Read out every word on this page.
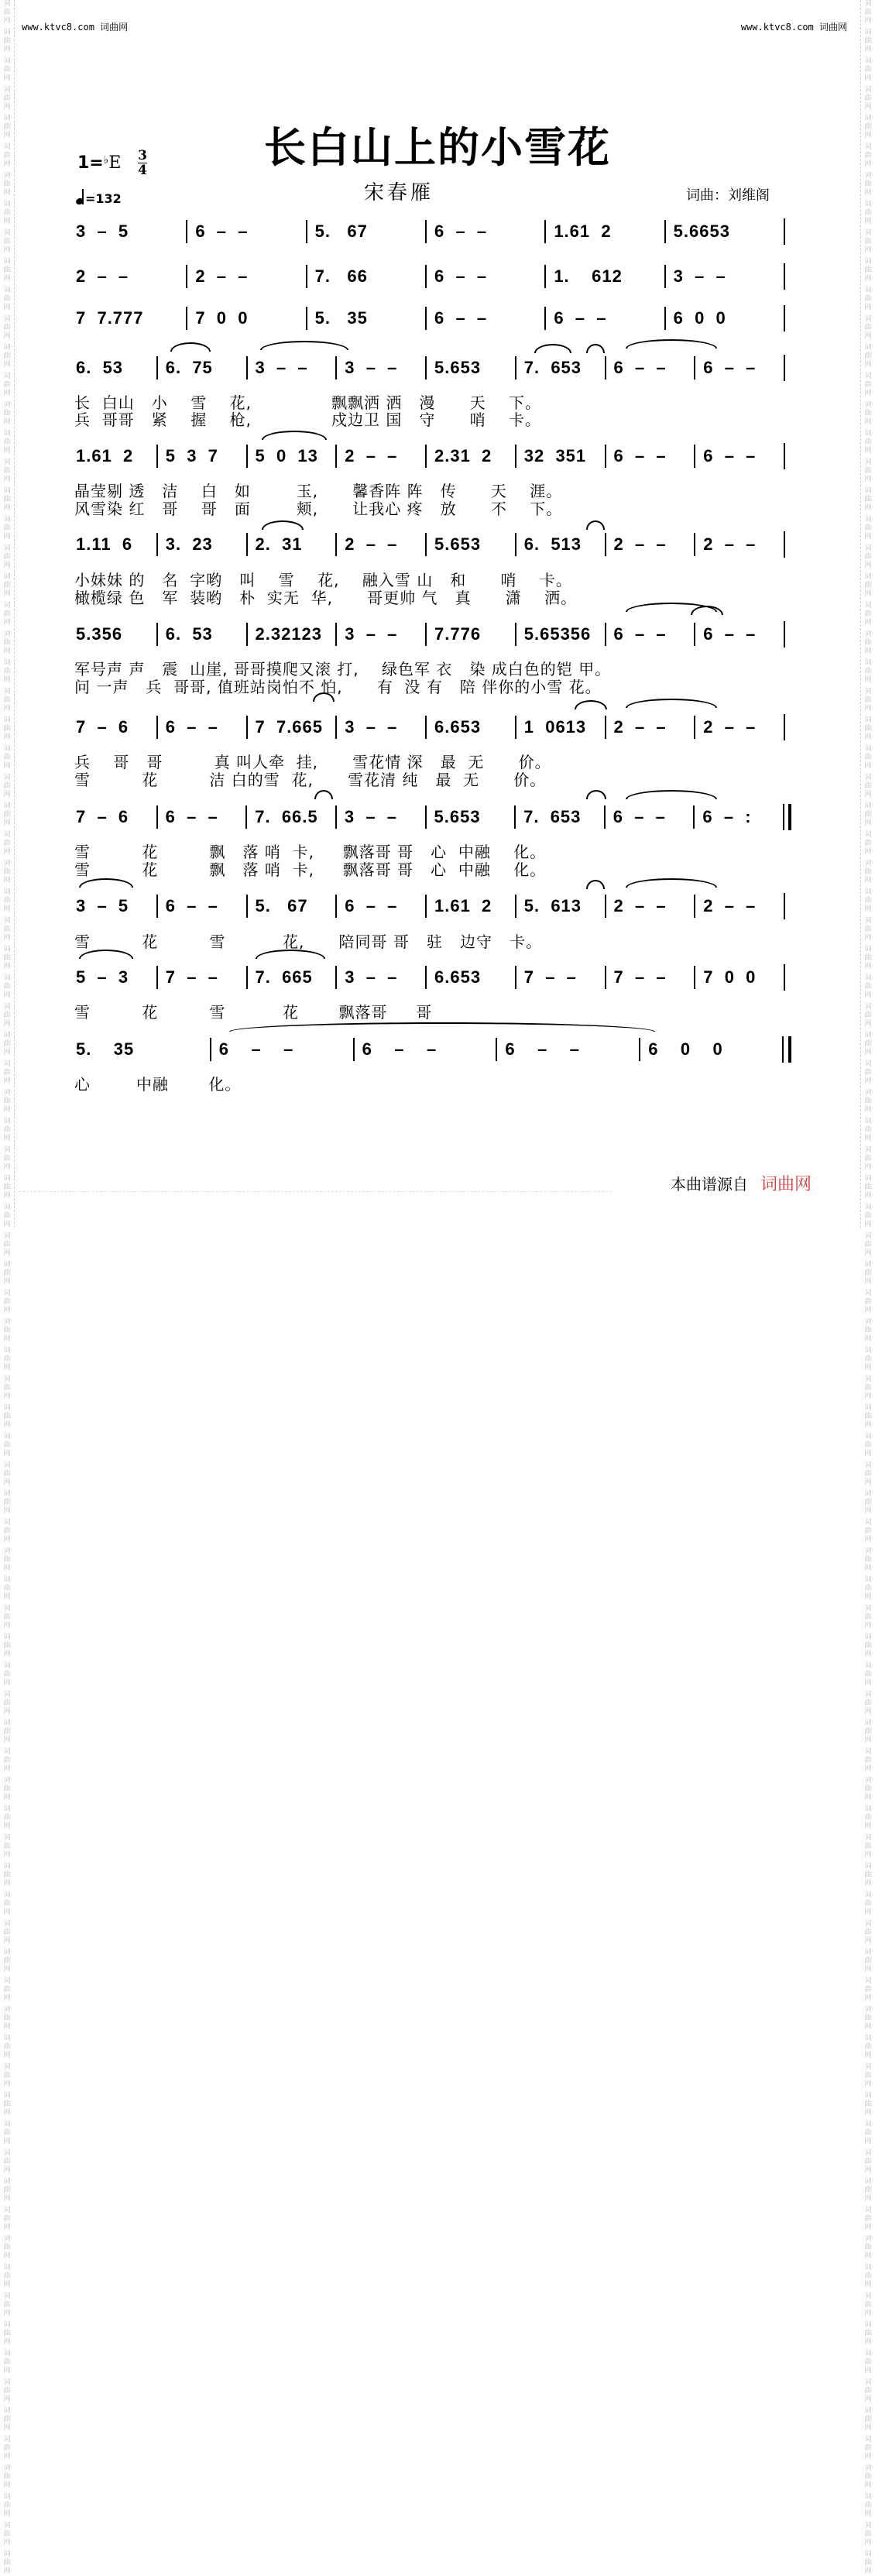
词
曲
网
词
曲
网
词
曲
网
词
曲
网
词
曲
网
词
曲
网
词
曲
网
词
曲
网
词
曲
网
词
曲
网
词
曲
网
词
曲
网
词
曲
网
词
曲
网
词
曲
网
词
曲
网
词
曲
网
词
曲
网
词
曲
网
词
曲
网
词
曲
网
词
曲
网
词
曲
网
词
曲
网
词
曲
网
词
曲
网
词
曲
网
词
曲
网
词
曲
网
词
曲
网
词
曲
网
词
曲
网
词
曲
网
词
曲
网
词
曲
网
词
曲
网
词
曲
网
词
曲
网
词
曲
网
词
曲
网
词
曲
网
词
曲
网
词
曲
网
词
曲
网
词
曲
网
词
曲
网
词
曲
网
词
曲
网
词
曲
网
词
曲
网
词
曲
网
词
曲
网
词
曲
网
词
曲
网
词
曲
网
词
曲
网
词
曲
网
词
曲
网
词
曲
网
词
曲
网
词
曲
网
词
曲
网
词
曲
网
词
曲
网
词
曲
网
词
曲
网
词
曲
网
词
曲
网
词
曲
网
词
曲
网
词
曲
网
词
曲
网
词
曲
网
词
曲
网
词
曲
网
词
曲
网
词
曲
网
词
曲
网
词
曲
网
词
曲
网
词
曲
网
词
曲
网
词
曲
网
词
曲
网
词
曲
网
词
曲
网
词
曲
网
词
曲
网
词
曲
网
词
曲
网
词
曲
网
词
曲
网
词
曲
网
词
曲
网
词
曲
网
词
曲
网
词
曲
网
词
曲
网
词
曲
网
词
曲
网
词
曲
网
词
曲
网
词
曲
网
词
曲
网
词
曲
网
词
曲
网
词
曲
网
词
曲
网
词
曲
网
词
曲
网
词
曲
网
词
曲
网
词
曲
网
词
曲
网
词
曲
网
词
曲
网
词
曲
网
词
曲
网
词
曲
网
词
曲
网
词
曲
网
词
曲
网
词
曲
网
词
曲
网
词
曲
网
词
曲
网
词
曲
网
词
曲
网
词
曲
网
词
曲
网
词
曲
网
词
曲
网
词
曲
网
词
曲
网
词
曲
网
词
曲
网
词
曲
网
词
曲
网
词
曲
网
词
曲
网
词
曲
网
词
曲
网
词
曲
网
词
曲
网
词
曲
网
词
曲
网
词
曲
网
词
曲
网
词
曲
网
词
曲
网
词
曲
网
词
曲
网
词
曲
网
词
曲
网
词
曲
网
词
曲
网
词
曲
网
词
曲
网
词
曲
网
词
曲
网
词
曲
网
词
曲
网
词
曲
网
词
曲
网
词
曲
网
词
曲
网
词
曲
网
词
曲
网
词
曲
网
词
曲
网
词
曲
网
词
曲
网
词
曲
网
词
曲
网
词
曲
网
词
曲
网
词
曲
网
词
曲
网
词
曲
网
词
曲
网
www.ktvc8.com 词曲网	www.ktvc8.com 词曲网
长白山上的小雪花
宋春雁	词曲：刘维阁
1=♭E 3
4
=132
3  –  5	6  –  –	5.   67	6  –  –	1.61  2	5.6653
2  –  –	2  –  –	7.   66	6  –  –	1.    612	3  –  –
7  7.777	7  0  0	5.   35	6  –  –	6  –  –	6  0  0
6.  53	6.  75	3  –  –	3  –  –	5.653	7.  653	6  –  –	6  –  –
1.61  2	5  3  7	5  0  13	2  –  –	2.31  2	32  351	6  –  –	6  –  –
1.11  6	3.  23	2.  31	2  –  –	5.653	6.  513	2  –  –	2  –  –
5.356	6.  53	2.32123	3  –  –	7.776	5.65356	6  –  –	6  –  –
7  –  6	6  –  –	7  7.665	3  –  –	6.653	1  0613	2  –  –	2  –  –
7  –  6	6  –  –	7.  66.5	3  –  –	5.653	7.  653	6  –  –	6  –  :
3  –  5	6  –  –	5.   67	6  –  –	1.61  2	5.  613	2  –  –	2  –  –
5  –  3	7  –  –	7.  665	3  –  –	6.653	7  –  –	7  –  –	7  0  0
5.    35	6    –    –	6    –    –	6    –    –	6    0    0
长  白山   小    雪    花,              飘飘洒 洒   漫      天    下。
兵  哥哥   紧    握    枪,              戍边卫 国   守      哨    卡。
晶莹剔 透   洁    白   如        玉,      馨香阵 阵   传      天    涯。
风雪染 红   哥    哥   面        颊,      让我心 疼   放      不    下。
小妹妹 的   名  字哟   叫    雪    花,    融入雪 山   和      哨    卡。
橄榄绿 色   军  装哟   朴  实无  华,      哥更帅 气   真      潇    洒。
军号声 声   震  山崖, 哥哥摸爬又滚 打,    绿色军 衣   染 成白色的铠 甲。
问 一声   兵  哥哥, 值班站岗怕不 怕,      有  没 有   陪 伴你的小雪 花。
兵    哥   哥         真 叫人牵  挂,      雪花情 深   最  无      价。
雪         花         洁 白的雪  花,      雪花清 纯   最  无      价。
雪         花         飘   落 哨  卡,     飘落哥 哥   心  中融    化。
雪         花         飘   落 哨  卡,     飘落哥 哥   心  中融    化。
雪         花         雪          花,      陪同哥 哥   驻   边守   卡。
雪         花         雪          花       飘落哥     哥
心        中融       化。
本曲谱源自 词曲网
